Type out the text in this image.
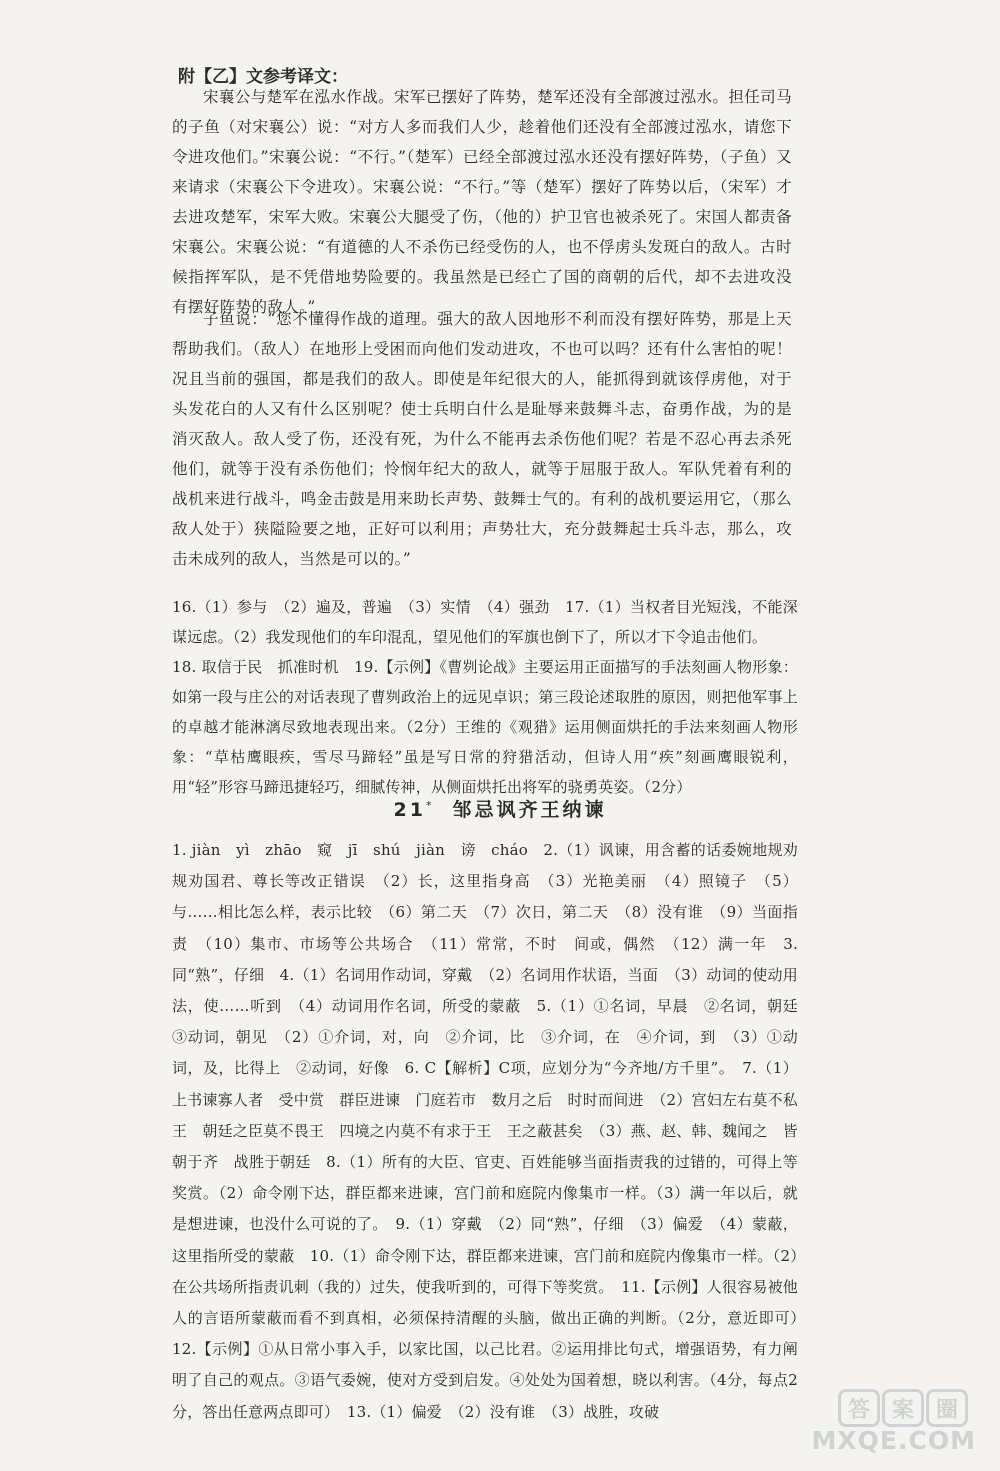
附【乙】文参考译文：

宋襄公与楚军在泓水作战。宋军已摆好了阵势，楚军还没有全部渡过泓水。担任司马的子鱼（对宋襄公）说：“对方人多而我们人少，趁着他们还没有全部渡过泓水，请您下令进攻他们。”宋襄公说：“不行。”（楚军）已经全部渡过泓水还没有摆好阵势，（子鱼）又来请求（宋襄公下令进攻）。宋襄公说：“不行。”等（楚军）摆好了阵势以后，（宋军）才去进攻楚军，宋军大败。宋襄公大腿受了伤，（他的）护卫官也被杀死了。宋国人都责备宋襄公。宋襄公说：“有道德的人不杀伤已经受伤的人，也不俘虏头发斑白的敌人。古时候指挥军队，是不凭借地势险要的。我虽然是已经亡了国的商朝的后代，却不去进攻没有摆好阵势的敌人。”

子鱼说：“您不懂得作战的道理。强大的敌人因地形不利而没有摆好阵势，那是上天帮助我们。（敌人）在地形上受困而向他们发动进攻，不也可以吗？还有什么害怕的呢！况且当前的强国，都是我们的敌人。即使是年纪很大的人，能抓得到就该俘虏他，对于头发花白的人又有什么区别呢？使士兵明白什么是耻辱来鼓舞斗志，奋勇作战，为的是消灭敌人。敌人受了伤，还没有死，为什么不能再去杀伤他们呢？若是不忍心再去杀死他们，就等于没有杀伤他们；怜悯年纪大的敌人，就等于屈服于敌人。军队凭着有利的战机来进行战斗，鸣金击鼓是用来助长声势、鼓舞士气的。有利的战机要运用它，（那么敌人处于）狭隘险要之地，正好可以利用；声势壮大，充分鼓舞起士兵斗志，那么，攻击未成列的敌人，当然是可以的。”

16.（1）参与　（2）遍及，普遍　（3）实情　（4）强劲　17.（1）当权者目光短浅，不能深谋远虑。（2）我发现他们的车印混乱，望见他们的军旗也倒下了，所以才下令追击他们。
18. 取信于民　抓准时机　19.【示例】《曹刿论战》主要运用正面描写的手法刻画人物形象：如第一段与庄公的对话表现了曹刿政治上的远见卓识；第三段论述取胜的原因，则把他军事上的卓越才能淋漓尽致地表现出来。（2分）王维的《观猎》运用侧面烘托的手法来刻画人物形象：“草枯鹰眼疾，雪尽马蹄轻”虽是写日常的狩猎活动，但诗人用“疾”刻画鹰眼锐利，用“轻”形容马蹄迅捷轻巧，细腻传神，从侧面烘托出将军的骁勇英姿。（2分）
21* 邹忌讽齐王纳谏
1. jiàn　yì　zhāo　窥　jī　shú　jiàn　谤　cháo　2.（1）讽谏，用含蓄的话委婉地规劝规劝国君、尊长等改正错误　（2）长，这里指身高　（3）光艳美丽　（4）照镜子　（5）与……相比怎么样，表示比较　（6）第二天　（7）次日，第二天　（8）没有谁　（9）当面指责　（10）集市、市场等公共场合　（11）常常，不时　间或，偶然　（12）满一年　3. 同“熟”，仔细　4.（1）名词用作动词，穿戴　（2）名词用作状语，当面　（3）动词的使动用法，使……听到　（4）动词用作名词，所受的蒙蔽　5.（1）①名词，早晨　②名词，朝廷　③动词，朝见　（2）①介词，对，向　②介词，比　③介词，在　④介词，到　（3）①动词，及，比得上　②动词，好像　6. C【解析】C项，应划分为“今齐地/方千里”。　7.（1）上书谏寡人者　受中赏　群臣进谏　门庭若市　数月之后　时时而间进　（2）宫妇左右莫不私王　朝廷之臣莫不畏王　四境之内莫不有求于王　王之蔽甚矣　（3）燕、赵、韩、魏闻之　皆朝于齐　战胜于朝廷　8.（1）所有的大臣、官吏、百姓能够当面指责我的过错的，可得上等奖赏。（2）命令刚下达，群臣都来进谏，宫门前和庭院内像集市一样。（3）满一年以后，就是想进谏，也没什么可说的了。　9.（1）穿戴　（2）同“熟”，仔细　（3）偏爱　（4）蒙蔽，这里指所受的蒙蔽　10.（1）命令刚下达，群臣都来进谏，宫门前和庭院内像集市一样。（2）在公共场所指责讥刺（我的）过失，使我听到的，可得下等奖赏。　11.【示例】人很容易被他人的言语所蒙蔽而看不到真相，必须保持清醒的头脑，做出正确的判断。（2分，意近即可）　12.【示例】①从日常小事入手，以家比国，以己比君。②运用排比句式，增强语势，有力阐明了自己的观点。③语气委婉，使对方受到启发。④处处为国着想，晓以利害。（4分，每点2分，答出任意两点即可）　13.（1）偏爱　（2）没有谁　（3）战胜，攻破	答 案 圈
MXQE.COM
